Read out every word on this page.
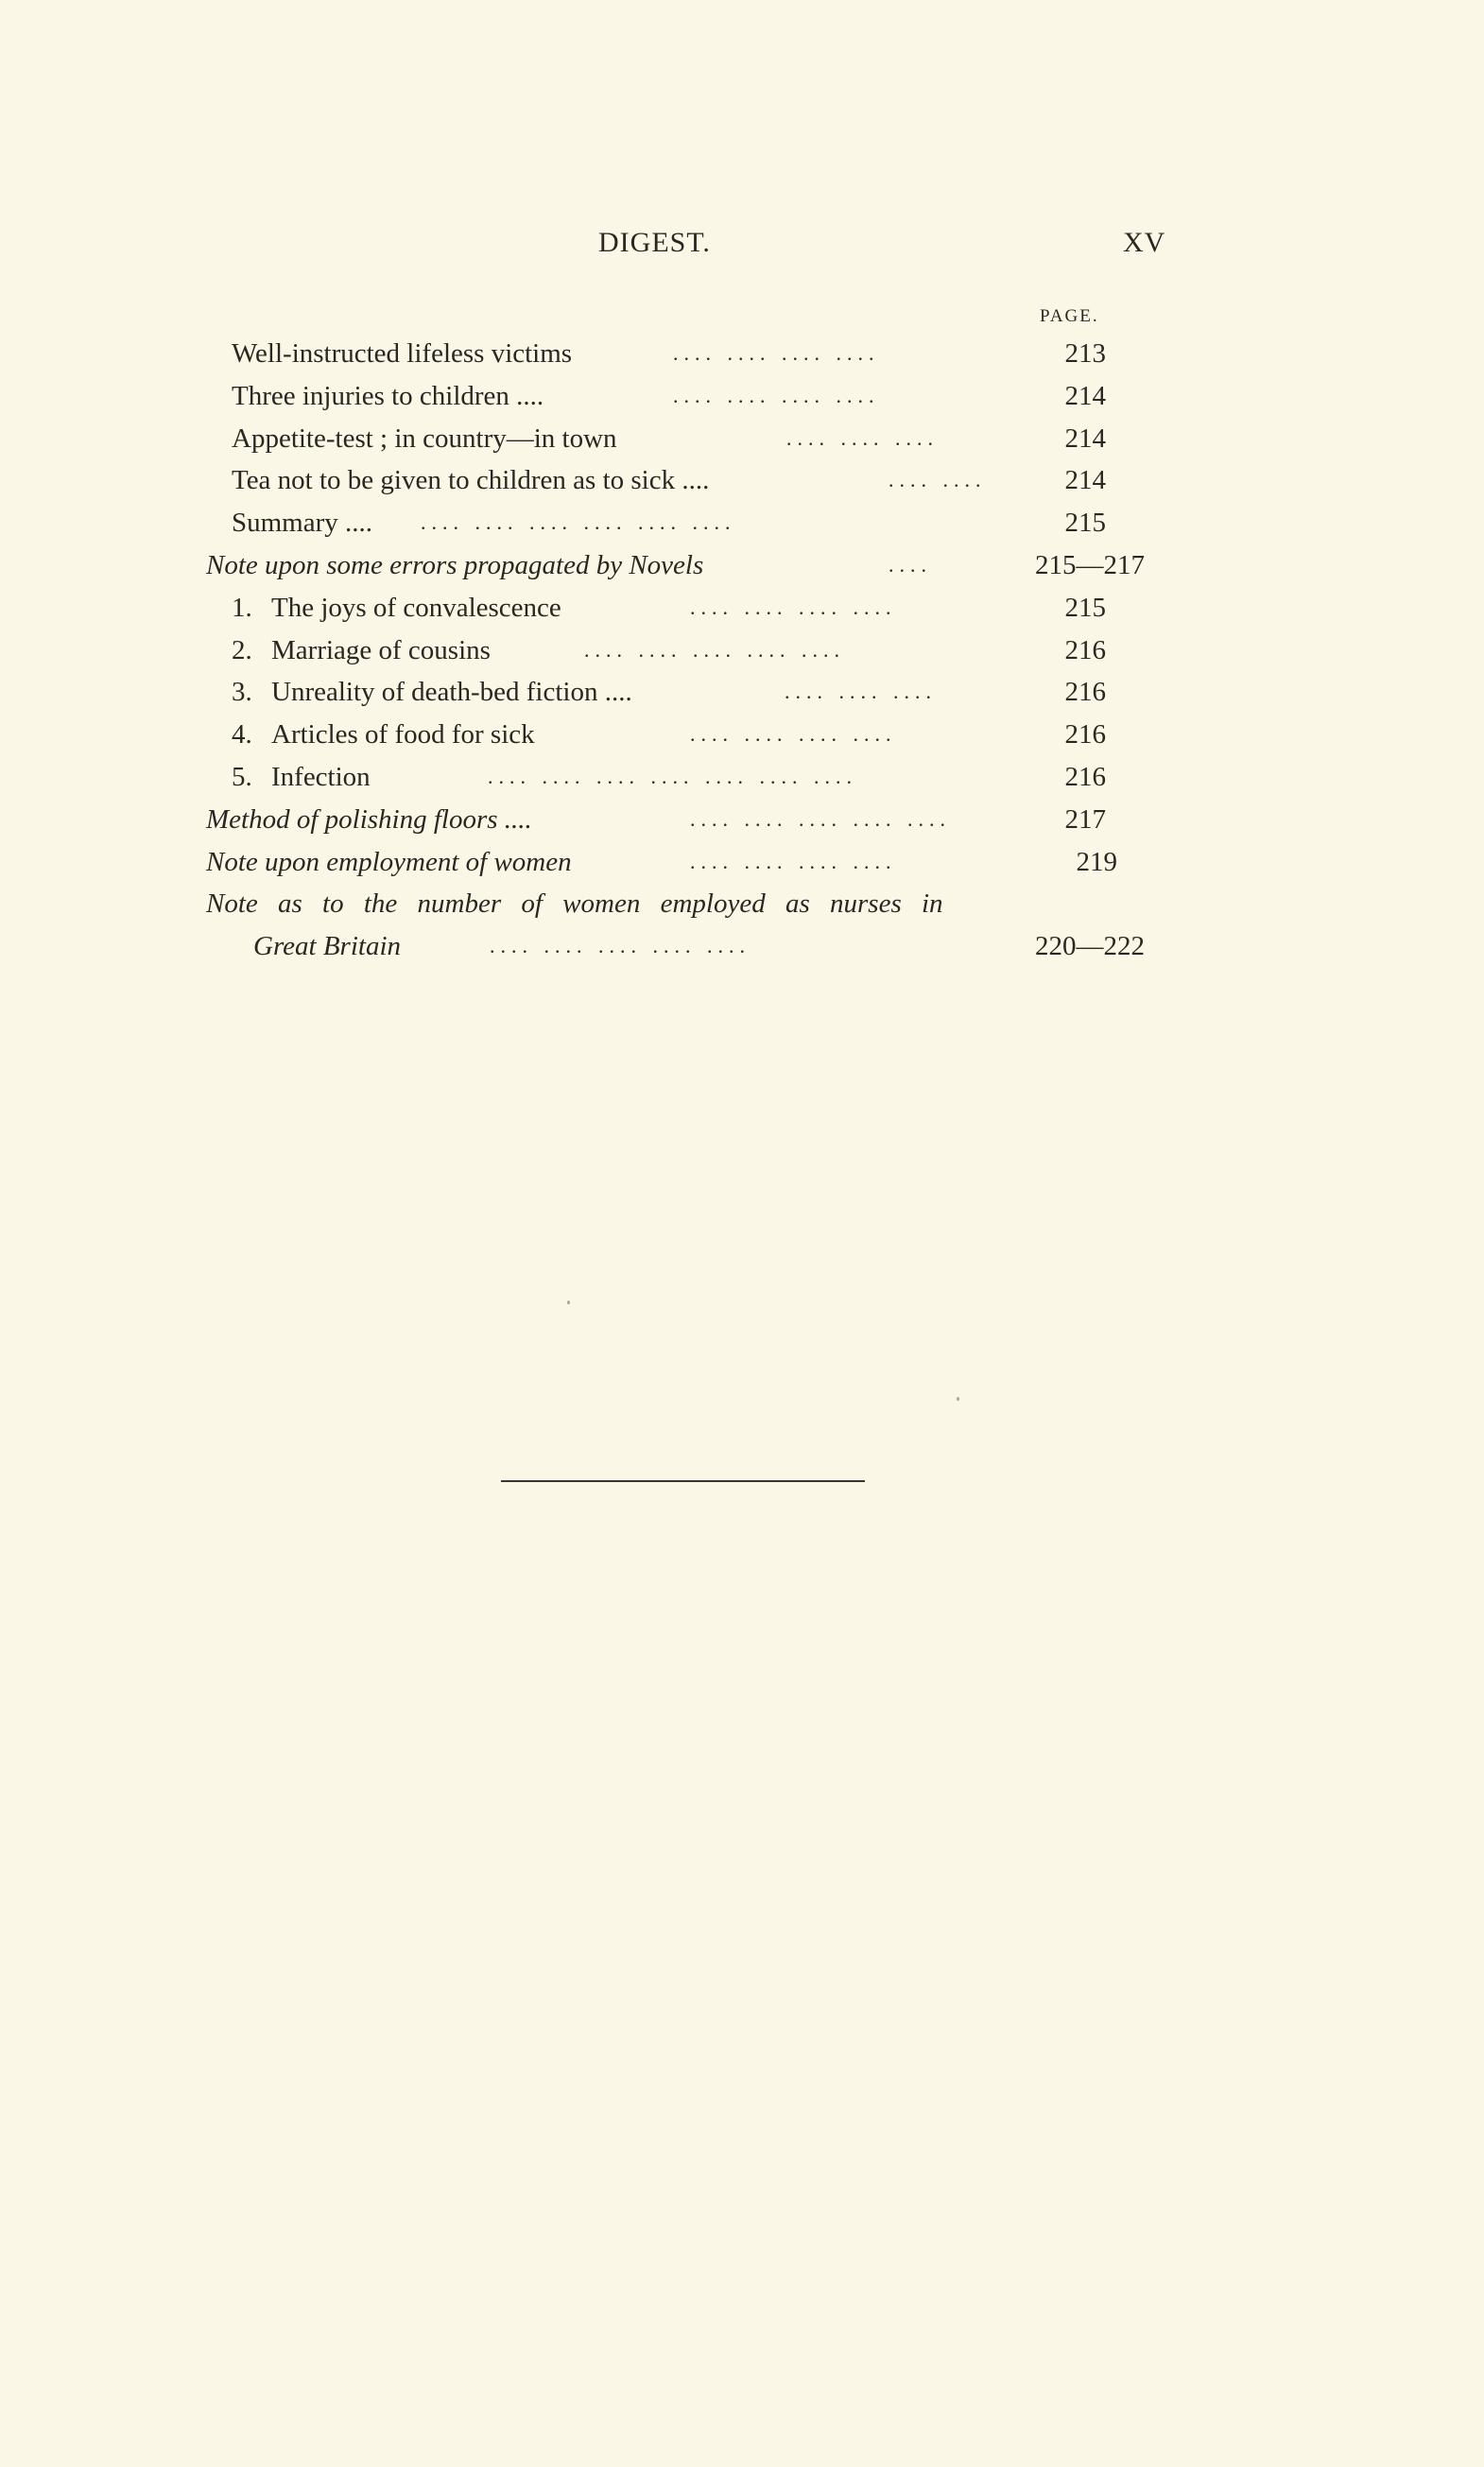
DIGEST.	XV
PAGE.
Well-instructed lifeless victims	.... .... .... ....	213
Three injuries to children ....	.... .... .... ....	214
Appetite-test ; in country—in town	.... .... ....	214
Tea not to be given to children as to sick ....	.... ....	214
Summary .... .... .... .... .... .... ....	215
Note upon some errors propagated by Novels	....	215—217
1. The joys of convalescence	.... .... .... ....	215
2. Marriage of cousins	.... .... .... .... ....	216
3. Unreality of death-bed fiction ....	.... .... ....	216
4. Articles of food for sick	.... .... .... ....	216
5. Infection	.... .... .... .... .... .... ....	216
Method of polishing floors ....	.... .... .... .... ....	217
Note upon employment of women	.... .... .... ....	219
Note as to the number of women employed as nurses in
Great Britain	.... .... .... .... ....	220—222
